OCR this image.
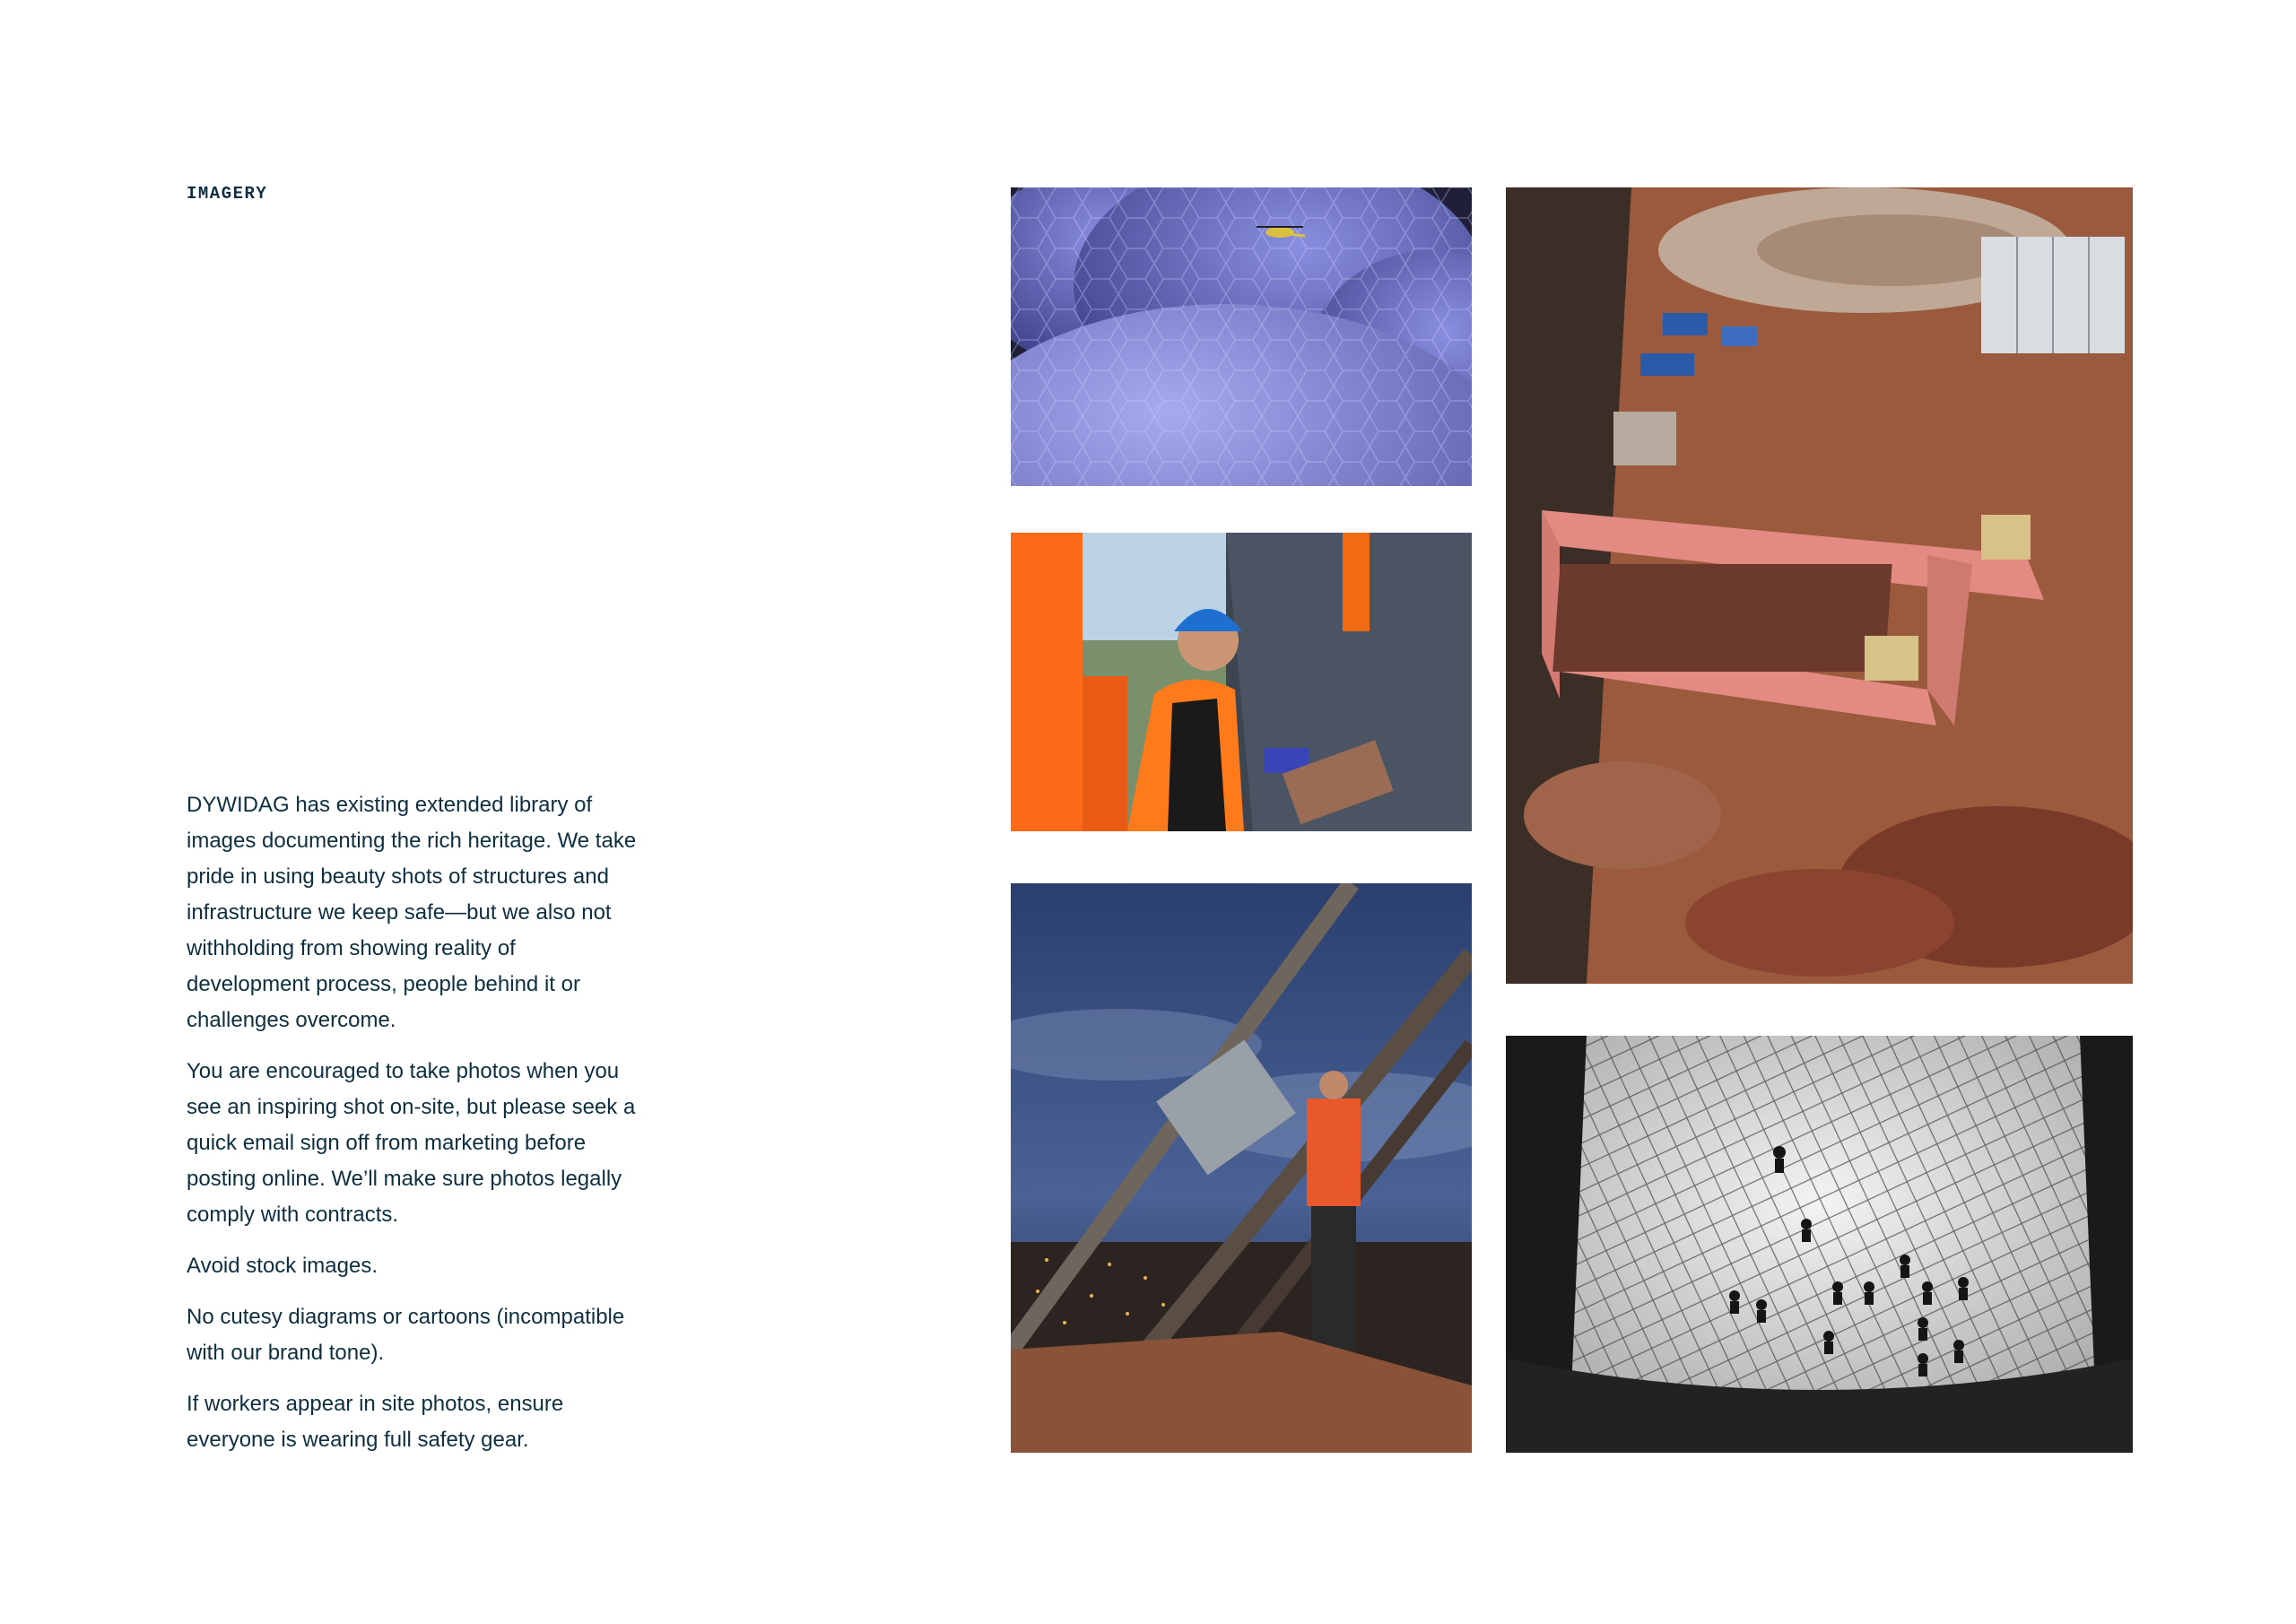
IMAGERY

DYWIDAG has existing extended library of images documenting the rich heritage. We take pride in using beauty shots of structures and infrastructure we keep safe—but we also not withholding from showing reality of development process, people behind it or challenges overcome.

You are encouraged to take photos when you see an inspiring shot on-site, but please seek a quick email sign off from marketing before posting online. We’ll make sure photos legally comply with contracts.

Avoid stock images.

No cutesy diagrams or cartoons (incompatible with our brand tone).

If workers appear in site photos, ensure everyone is wearing full safety gear.
